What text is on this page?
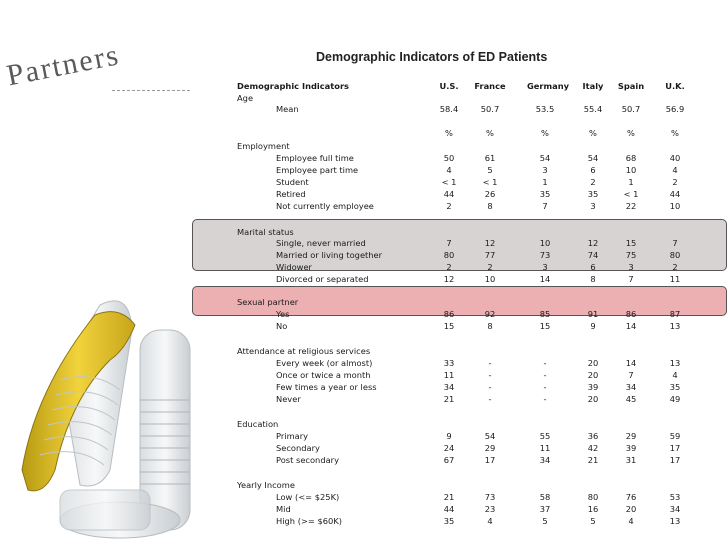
Partners	Demographic Indicators of ED Patients
Demographic Indicators	U.S.	France	Germany	Italy	Spain	U.K.
Age
Mean	58.4	50.7	53.5	55.4	50.7	56.9
%	%	%	%	%	%
Employment
Employee full time	50	61	54	54	68	40
Employee part time	4	5	3	6	10	4
Student	< 1	< 1	1	2	1	2
Retired	44	26	35	35	< 1	44
Not currently employee	2	8	7	3	22	10
Marital status
Single, never married	7	12	10	12	15	7
Married or living together	80	77	73	74	75	80
Widower	2	2	3	6	3	2
Divorced or separated	12	10	14	8	7	11
Sexual partner
Yes	86	92	85	91	86	87
No	15	8	15	9	14	13
Attendance at religious services
Every week (or almost)	33	-	-	20	14	13
Once or twice a month	11	-	-	20	7	4
Few times a year or less	34	-	-	39	34	35
Never	21	-	-	20	45	49
Education
Primary	9	54	55	36	29	59
Secondary	24	29	11	42	39	17
Post secondary	67	17	34	21	31	17
Yearly Income
Low (<= $25K)	21	73	58	80	76	53
Mid	44	23	37	16	20	34
High (>= $60K)	35	4	5	5	4	13
